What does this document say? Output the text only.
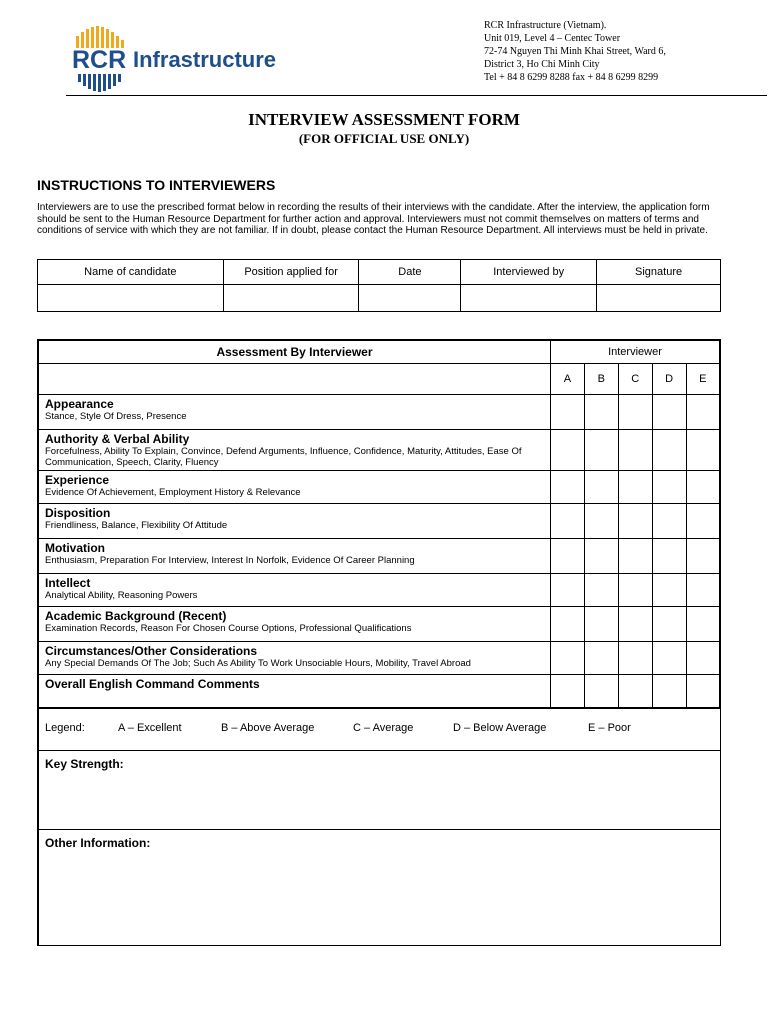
RCR Infrastructure
RCR Infrastructure (Vietnam).
Unit 019, Level 4 – Centec Tower
72-74 Nguyen Thi Minh Khai Street, Ward 6,
District 3, Ho Chi Minh City
Tel + 84 8 6299 8288 fax + 84 8 6299 8299
INTERVIEW ASSESSMENT FORM
(FOR OFFICIAL USE ONLY)
INSTRUCTIONS TO INTERVIEWERS
Interviewers are to use the prescribed format below in recording the results of their interviews with the candidate. After the interview, the application form should be sent to the Human Resource Department for further action and approval. Interviewers must not commit themselves on matters of terms and conditions of service with which they are not familiar. If in doubt, please contact the Human Resource Department. All interviews must be held in private.
Name of candidate	Position applied for	Date	Interviewed by	Signature

Assessment By Interviewer	Interviewer				
	A	B	C	D	E

Appearance
Stance, Style Of Dress, Presence					

Authority & Verbal Ability
Forcefulness, Ability To Explain, Convince, Defend Arguments, Influence, Confidence, Maturity, Attitudes, Ease Of Communication, Speech, Clarity, Fluency					

Experience
Evidence Of Achievement, Employment History & Relevance					

Disposition
Friendliness, Balance, Flexibility Of Attitude					

Motivation
Enthusiasm, Preparation For Interview, Interest In Norfolk, Evidence Of Career Planning					

Intellect
Analytical Ability, Reasoning Powers					

Academic Background (Recent)
Examination Records, Reason For Chosen Course Options, Professional Qualifications					

Circumstances/Other Considerations
Any Special Demands Of The Job; Such As Ability To Work Unsociable Hours, Mobility, Travel Abroad					

Overall English Command Comments					

Legend:	A – Excellent	B – Above Average	C – Average	D – Below Average	E – Poor
Key Strength:
Other Information:
